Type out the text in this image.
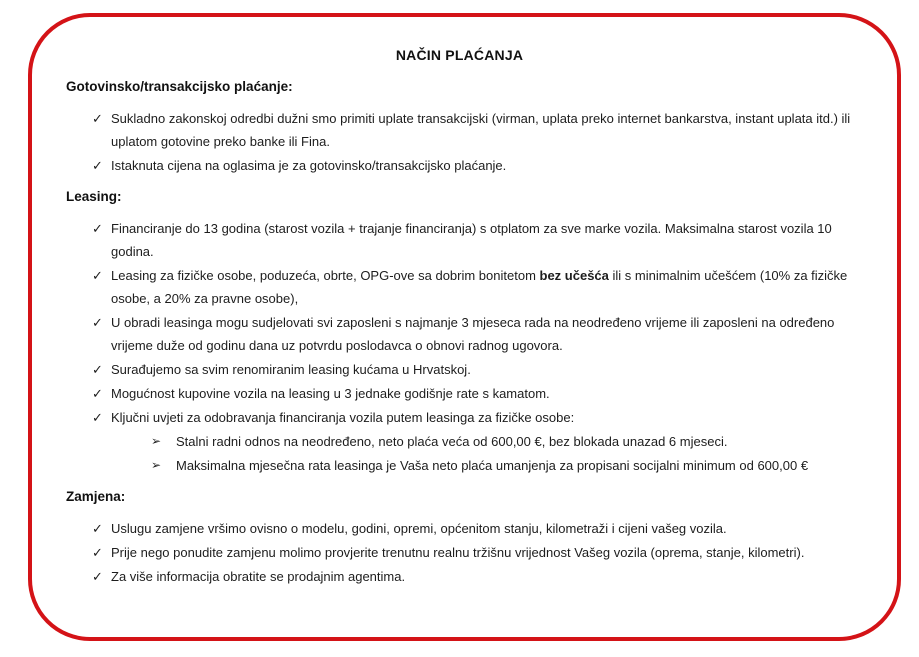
NAČIN PLAĆANJA
Gotovinsko/transakcijsko plaćanje:
✓ Sukladno zakonskoj odredbi dužni smo primiti uplate transakcijski (virman, uplata preko internet bankarstva, instant uplata itd.) ili uplatom gotovine preko banke ili Fina.
✓ Istaknuta cijena na oglasima je za gotovinsko/transakcijsko plaćanje.
Leasing:
✓ Financiranje do 13 godina (starost vozila + trajanje financiranja) s otplatom za sve marke vozila. Maksimalna starost vozila 10 godina.
✓ Leasing za fizičke osobe, poduzeća, obrte, OPG-ove sa dobrim bonitetom bez učešća ili s minimalnim učešćem (10% za fizičke osobe, a 20% za pravne osobe),
✓ U obradi leasinga mogu sudjelovati svi zaposleni s najmanje 3 mjeseca rada na neodređeno vrijeme ili zaposleni na određeno vrijeme duže od godinu dana uz potvrdu poslodavca o obnovi radnog ugovora.
✓ Surađujemo sa svim renomiranim leasing kućama u Hrvatskoj.
✓ Mogućnost kupovine vozila na leasing u 3 jednake godišnje rate s kamatom.
✓ Ključni uvjeti za odobravanja financiranja vozila putem leasinga za fizičke osobe:
➢	Stalni radni odnos na neodređeno, neto plaća veća od 600,00 €, bez blokada unazad 6 mjeseci.
➢	Maksimalna mjesečna rata leasinga je Vaša neto plaća umanjenja za propisani socijalni minimum od 600,00 €
Zamjena:
✓ Uslugu zamjene vršimo ovisno o modelu, godini, opremi, općenitom stanju, kilometraži i cijeni vašeg vozila.
✓ Prije nego ponudite zamjenu molimo provjerite trenutnu realnu tržišnu vrijednost Vašeg vozila (oprema, stanje, kilometri).
✓ Za više informacija obratite se prodajnim agentima.
